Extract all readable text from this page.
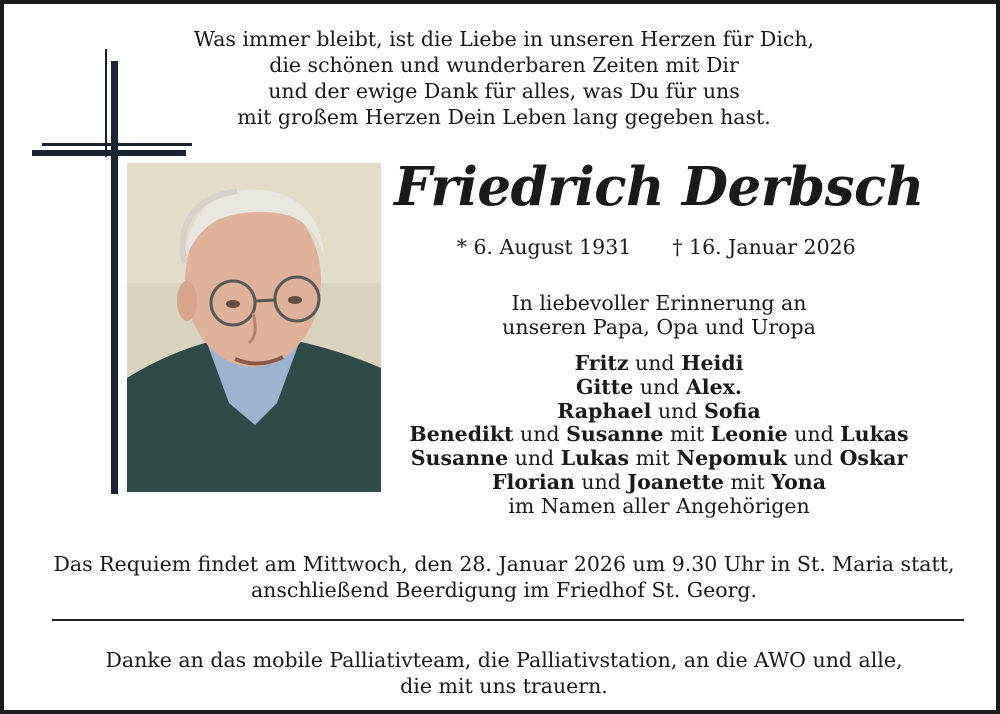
Was immer bleibt, ist die Liebe in unseren Herzen für Dich,
die schönen und wunderbaren Zeiten mit Dir
und der ewige Dank für alles, was Du für uns
mit großem Herzen Dein Leben lang gegeben hast.
Friedrich Derbsch
* 6. August 1931	† 16. Januar 2026
In liebevoller Erinnerung an
unseren Papa, Opa und Uropa
Fritz und Heidi
Gitte und Alex.
Raphael und Sofia
Benedikt und Susanne mit Leonie und Lukas
Susanne und Lukas mit Nepomuk und Oskar
Florian und Joanette mit Yona
im Namen aller Angehörigen
Das Requiem findet am Mittwoch, den 28. Januar 2026 um 9.30 Uhr in St. Maria statt,
anschließend Beerdigung im Friedhof St. Georg.
Danke an das mobile Palliativteam, die Palliativstation, an die AWO und alle,
die mit uns trauern.
